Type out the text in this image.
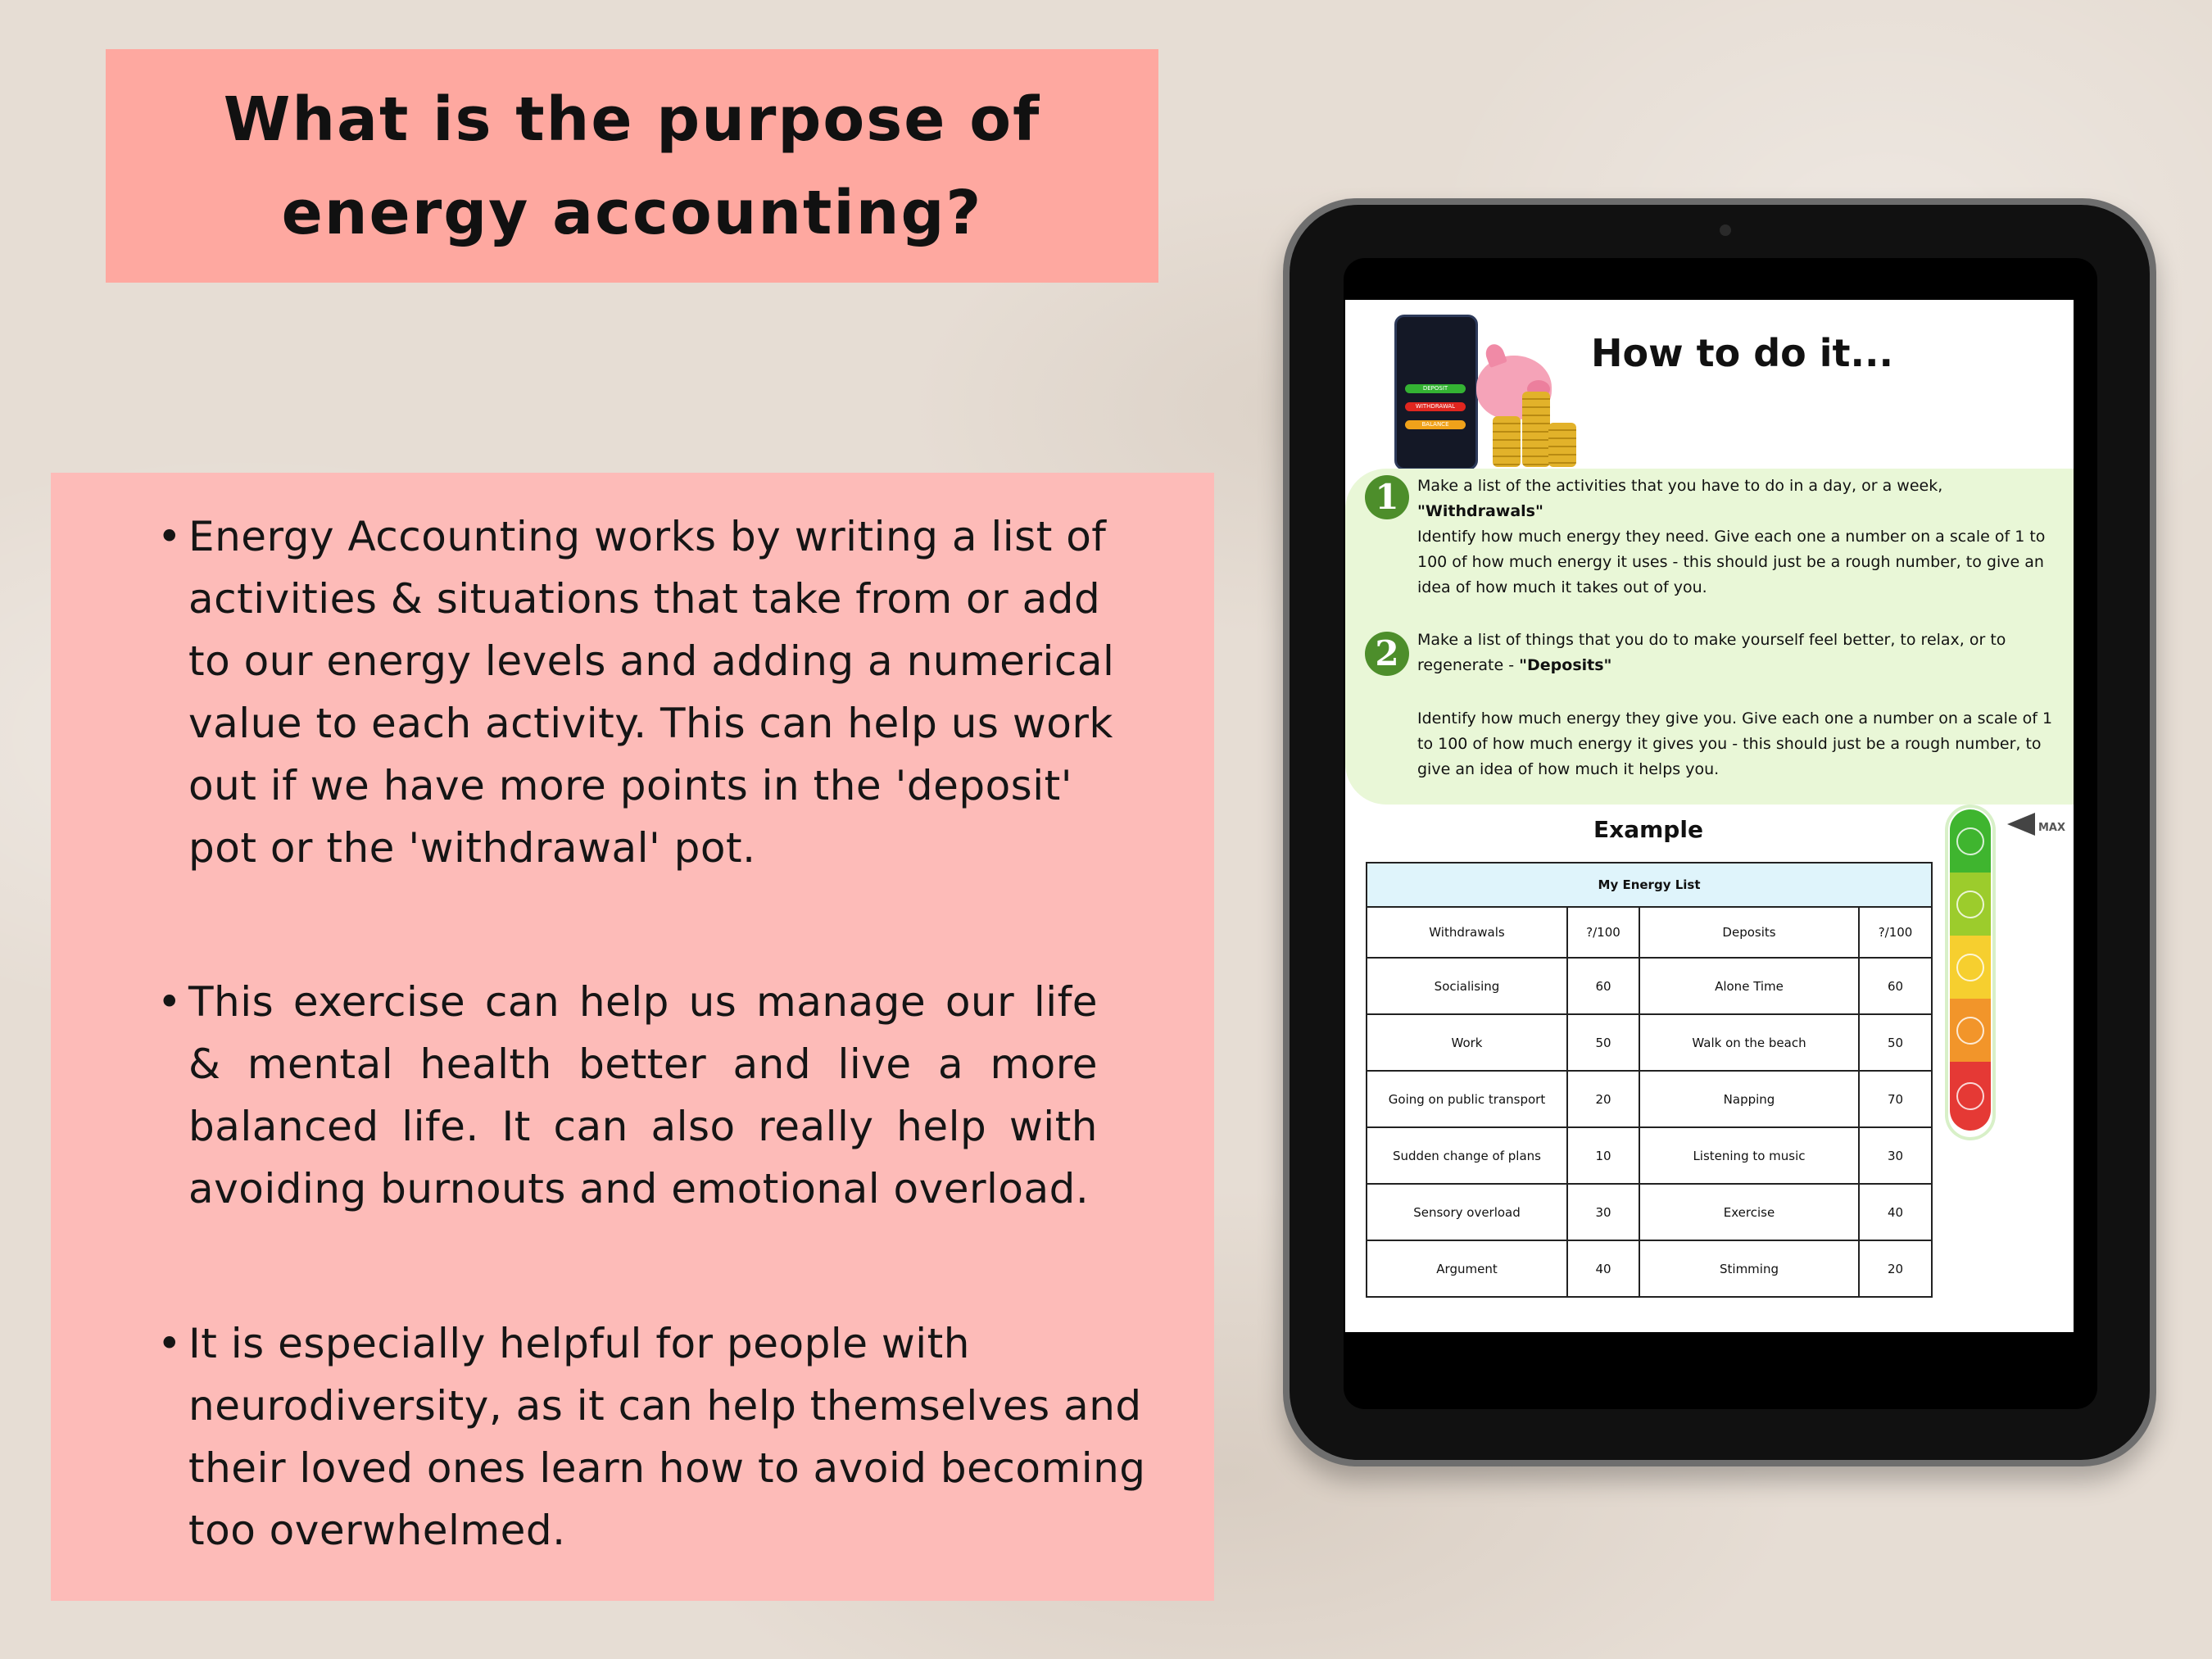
What is the purpose of energy accounting?
• Energy Accounting works by writing a list of activities & situations that take from or add to our energy levels and adding a numerical value to each activity. This can help us work out if we have more points in the 'deposit' pot or the 'withdrawal' pot.
• This exercise can help us manage our life & mental health better and live a more balanced life. It can also really help with avoiding burnouts and emotional overload.
• It is especially helpful for people with neurodiversity, as it can help themselves and their loved ones learn how to avoid becoming too overwhelmed.
DEPOSIT
WITHDRAWAL
BALANCE
How to do it...
1	Make a list of the activities that you have to do in a day, or a week, "Withdrawals"
Identify how much energy they need. Give each one a number on a scale of 1 to 100 of how much energy it uses - this should just be a rough number, to give an idea of how much it takes out of you.
2	Make a list of things that you do to make yourself feel better, to relax, or to regenerate - "Deposits"
Identify how much energy they give you. Give each one a number on a scale of 1 to 100 of how much energy it gives you - this should just be a rough number, to give an idea of how much it helps you.
Example
My Energy List			
Withdrawals	?/100	Deposits	?/100
Socialising	60	Alone Time	60
Work	50	Walk on the beach	50
Going on public transport	20	Napping	70
Sudden change of plans	10	Listening to music	30
Sensory overload	30	Exercise	40
Argument	40	Stimming	20
MAX
